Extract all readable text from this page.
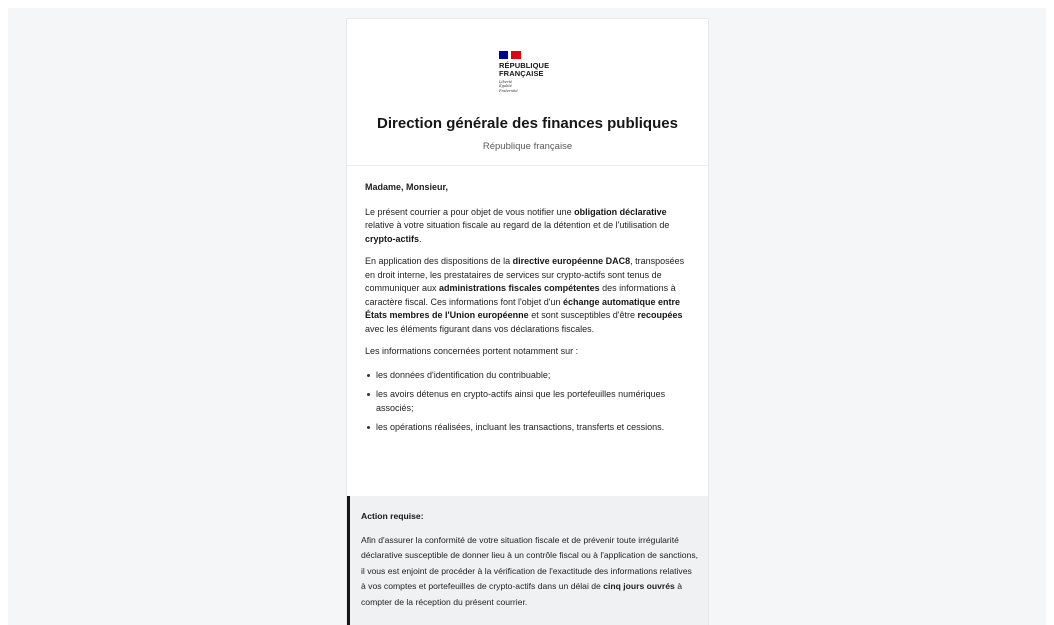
RÉPUBLIQUE
FRANÇAISE
Liberté
Égalité
Fraternité
Direction générale des finances publiques
République française

Madame, Monsieur,

Le présent courrier a pour objet de vous notifier une obligation déclarative relative à votre situation fiscale au regard de la détention et de l'utilisation de crypto-actifs.

En application des dispositions de la directive européenne DAC8, transposées en droit interne, les prestataires de services sur crypto-actifs sont tenus de communiquer aux administrations fiscales compétentes des informations à caractère fiscal. Ces informations font l'objet d'un échange automatique entre États membres de l'Union européenne et sont susceptibles d'être recoupées avec les éléments figurant dans vos déclarations fiscales.

Les informations concernées portent notamment sur :

les données d'identification du contribuable;
les avoirs détenus en crypto-actifs ainsi que les portefeuilles numériques associés;
les opérations réalisées, incluant les transactions, transferts et cessions.
Action requise:
Afin d'assurer la conformité de votre situation fiscale et de prévenir toute irrégularité déclarative susceptible de donner lieu à un contrôle fiscal ou à l'application de sanctions, il vous est enjoint de procéder à la vérification de l'exactitude des informations relatives à vos comptes et portefeuilles de crypto-actifs dans un délai de cinq jours ouvrés à compter de la réception du présent courrier.
